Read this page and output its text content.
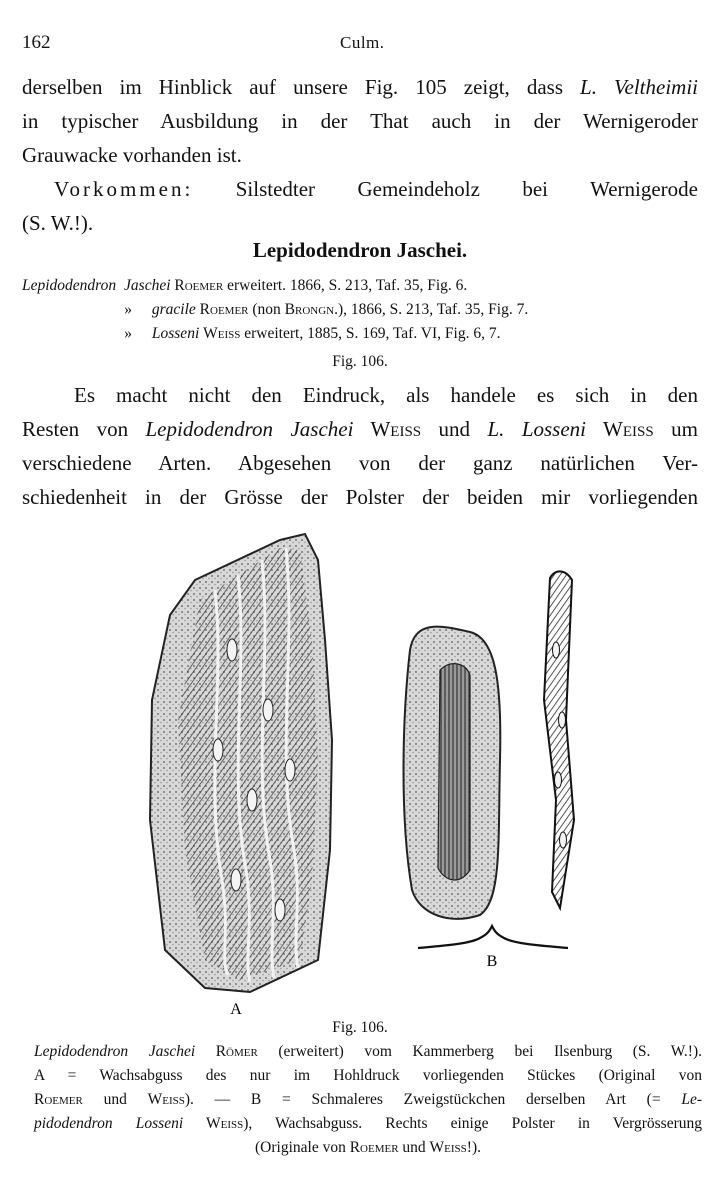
162	Culm.
derselben im Hinblick auf unsere Fig. 105 zeigt, dass L. Veltheimii
in typischer Ausbildung in der That auch in der Wernigeroder
Grauwacke vorhanden ist.
Vorkommen: Silstedter Gemeindeholz bei Wernigerode
(S. W.!).
Lepidodendron Jaschei.
Lepidodendron Jaschei Roemer erweitert. 1866, S. 213, Taf. 35, Fig. 6.
» gracile Roemer (non Brongn.), 1866, S. 213, Taf. 35, Fig. 7.
» Losseni Weiss erweitert, 1885, S. 169, Taf. VI, Fig. 6, 7.
Fig. 106.
Es macht nicht den Eindruck, als handele es sich in den
Resten von Lepidodendron Jaschei Weiss und L. Losseni Weiss um
verschiedene Arten. Abgesehen von der ganz natürlichen Ver-
schiedenheit in der Grösse der Polster der beiden mir vorliegenden
A
B
Fig. 106.
Lepidodendron Jaschei Römer (erweitert) vom Kammerberg bei Ilsenburg (S. W.!).
A = Wachsabguss des nur im Hohldruck vorliegenden Stückes (Original von
Roemer und Weiss). — B = Schmaleres Zweigstückchen derselben Art (= Le-
pidodendron Losseni Weiss), Wachsabguss. Rechts einige Polster in Vergrösserung
(Originale von Roemer und Weiss!).
